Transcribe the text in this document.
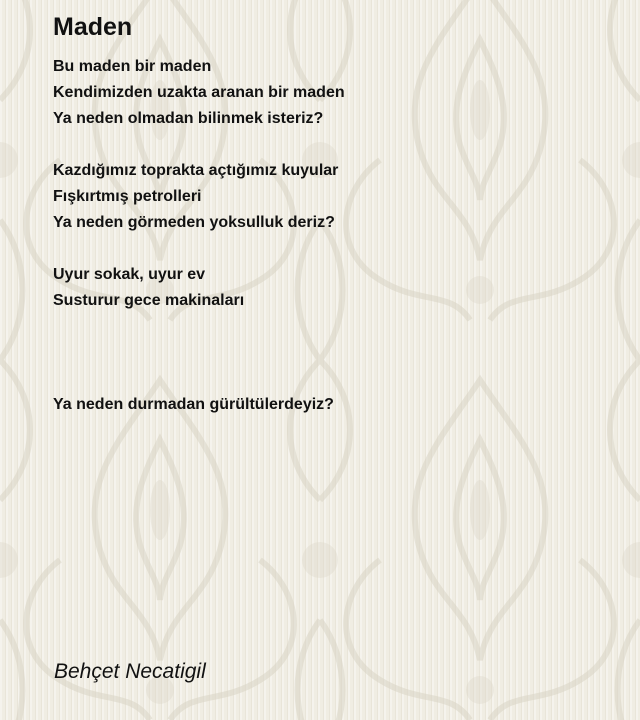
Maden
Bu maden bir maden
Kendimizden uzakta aranan bir maden
Ya neden olmadan bilinmek isteriz?
Kazdığımız toprakta açtığımız kuyular
Fışkırtmış petrolleri
Ya neden görmeden yoksulluk deriz?
Uyur sokak, uyur ev
Susturur gece makinaları
Ya neden durmadan gürültülerdeyiz?
Behçet Necatigil
